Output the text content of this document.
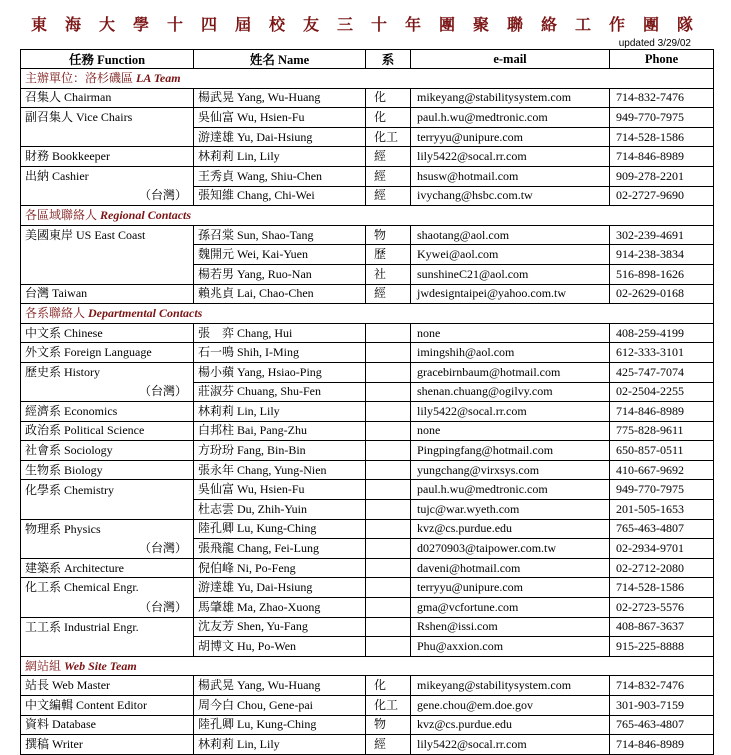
東 海 大 學 十 四 屆 校 友 三 十 年 團 聚 聯 絡 工 作 團 隊
updated 3/29/02
任務 Function	姓名 Name	系	e-mail	Phone
主辦單位：洛杉磯區 LA Team				
召集人 Chairman	楊武晃 Yang, Wu-Huang	化	mikeyang@stabilitysystem.com	714-832-7476
副召集人 Vice Chairs	吳仙富 Wu, Hsien-Fu	化	paul.h.wu@medtronic.com	949-770-7975
	游達雄 Yu, Dai-Hsiung	化工	terryyu@unipure.com	714-528-1586
財務 Bookkeeper	林莉莉 Lin, Lily	經	lily5422@socal.rr.com	714-846-8989
出納 Cashier	王秀貞 Wang, Shiu-Chen	經	hsusw@hotmail.com	909-278-2201
（台灣）	張知維 Chang, Chi-Wei	經	ivychang@hsbc.com.tw	02-2727-9690
各區域聯絡人 Regional Contacts				
美國東岸 US East Coast	孫召棠 Sun, Shao-Tang	物	shaotang@aol.com	302-239-4691
	魏開元 Wei, Kai-Yuen	歷	Kywei@aol.com	914-238-3834
	楊若男 Yang, Ruo-Nan	社	sunshineC21@aol.com	516-898-1626
台灣 Taiwan	賴兆貞 Lai, Chao-Chen	經	jwdesigntaipei@yahoo.com.tw	02-2629-0168
各系聯絡人 Departmental Contacts				
中文系 Chinese	張　弈 Chang, Hui		none	408-259-4199
外文系 Foreign Language	石一鳴 Shih, I-Ming		imingshih@aol.com	612-333-3101
歷史系 History	楊小蘋 Yang, Hsiao-Ping		gracebirnbaum@hotmail.com	425-747-7074
（台灣）	莊淑芬 Chuang, Shu-Fen		shenan.chuang@ogilvy.com	02-2504-2255
經濟系 Economics	林莉莉 Lin, Lily		lily5422@socal.rr.com	714-846-8989
政治系 Political Science	白邦柱 Bai, Pang-Zhu		none	775-828-9611
社會系 Sociology	方玢玢 Fang, Bin-Bin		Pingpingfang@hotmail.com	650-857-0511
生物系 Biology	張永年 Chang, Yung-Nien		yungchang@virxsys.com	410-667-9692
化學系 Chemistry	吳仙富 Wu, Hsien-Fu		paul.h.wu@medtronic.com	949-770-7975
	杜志雲 Du, Zhih-Yuin		tujc@war.wyeth.com	201-505-1653
物理系 Physics	陸孔卿 Lu, Kung-Ching		kvz@cs.purdue.edu	765-463-4807
（台灣）	張飛龍 Chang, Fei-Lung		d0270903@taipower.com.tw	02-2934-9701
建築系 Architecture	倪伯峰 Ni, Po-Feng		daveni@hotmail.com	02-2712-2080
化工系 Chemical Engr.	游達雄 Yu, Dai-Hsiung		terryyu@unipure.com	714-528-1586
（台灣）	馬肇雄 Ma, Zhao-Xuong		gma@vcfortune.com	02-2723-5576
工工系 Industrial Engr.	沈友芳 Shen, Yu-Fang		Rshen@issi.com	408-867-3637
	胡博文 Hu, Po-Wen		Phu@axxion.com	915-225-8888
網站組 Web Site Team				
站長 Web Master	楊武晃 Yang, Wu-Huang	化	mikeyang@stabilitysystem.com	714-832-7476
中文編輯 Content Editor	周今白 Chou, Gene-pai	化工	gene.chou@em.doe.gov	301-903-7159
資料 Database	陸孔卿 Lu, Kung-Ching	物	kvz@cs.purdue.edu	765-463-4807
撰稿 Writer	林莉莉 Lin, Lily	經	lily5422@socal.rr.com	714-846-8989
